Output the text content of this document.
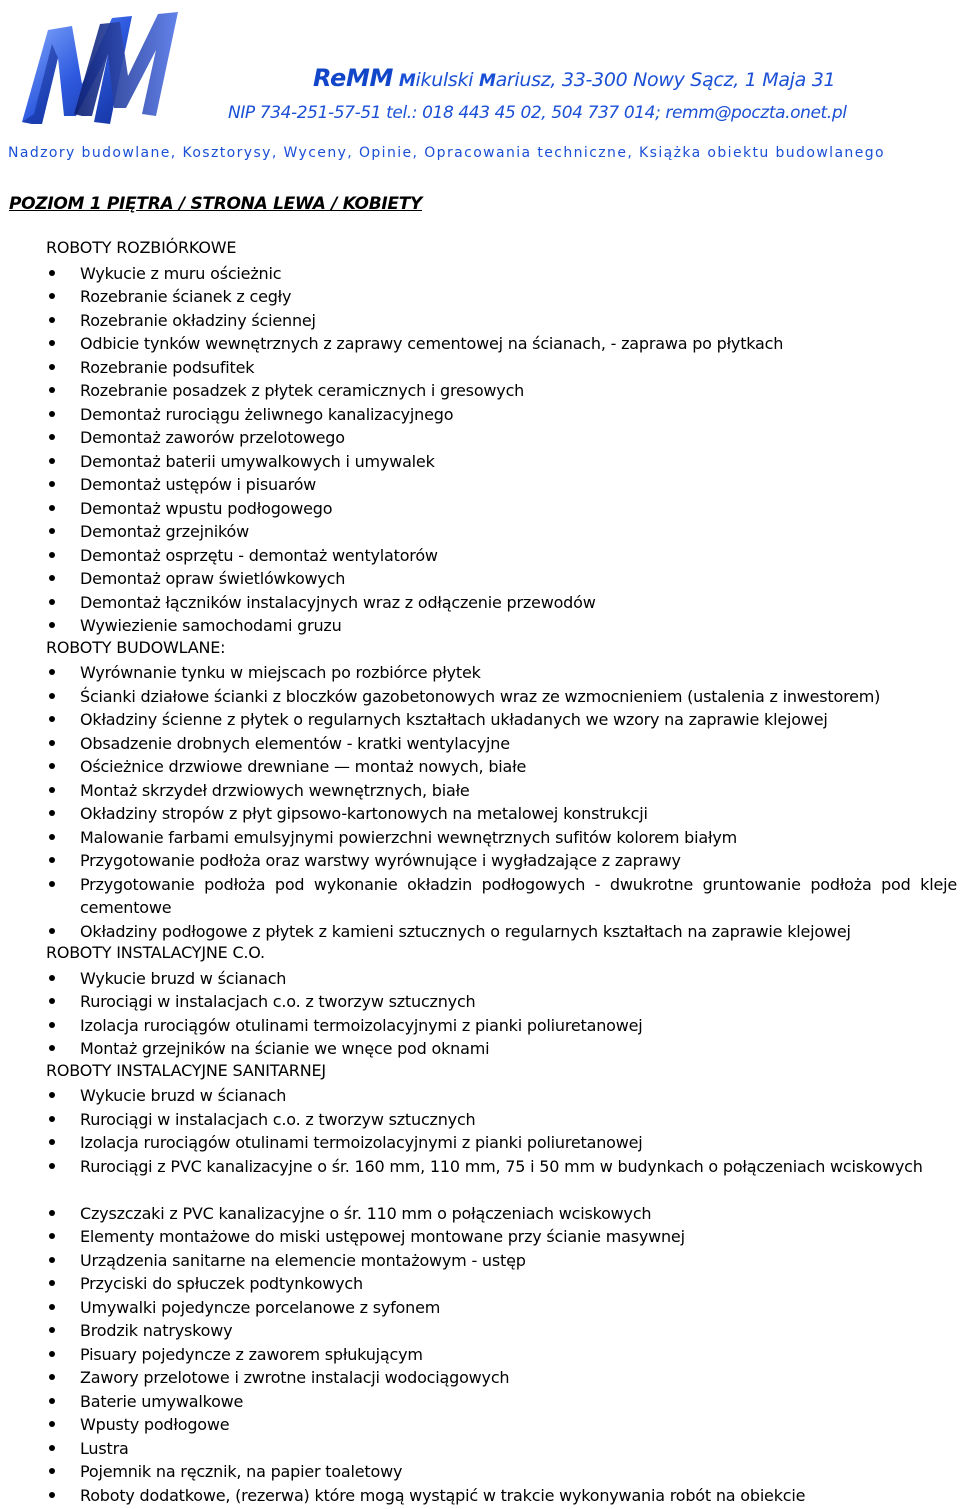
ReMM Mikulski Mariusz, 33-300 Nowy Sącz, 1 Maja 31
NIP 734-251-57-51 tel.: 018 443 45 02, 504 737 014; remm@poczta.onet.pl
Nadzory budowlane, Kosztorysy, Wyceny, Opinie, Opracowania techniczne, Książka obiektu budowlanego
POZIOM 1 PIĘTRA / STRONA LEWA / KOBIETY
ROBOTY ROZBIÓRKOWE
Wykucie z muru ościeżnic
Rozebranie ścianek z cegły
Rozebranie okładziny ściennej
Odbicie tynków wewnętrznych z zaprawy cementowej na ścianach, - zaprawa po płytkach
Rozebranie podsufitek
Rozebranie posadzek z płytek ceramicznych i gresowych
Demontaż rurociągu żeliwnego kanalizacyjnego
Demontaż zaworów przelotowego
Demontaż baterii umywalkowych i umywalek
Demontaż ustępów i pisuarów
Demontaż wpustu podłogowego
Demontaż grzejników
Demontaż osprzętu - demontaż wentylatorów
Demontaż opraw świetlówkowych
Demontaż łączników instalacyjnych wraz z odłączenie przewodów
Wywiezienie samochodami gruzu
ROBOTY BUDOWLANE:
Wyrównanie tynku w miejscach po rozbiórce płytek
Ścianki działowe ścianki z bloczków gazobetonowych wraz ze wzmocnieniem (ustalenia z inwestorem)
Okładziny ścienne z płytek o regularnych kształtach układanych we wzory na zaprawie klejowej
Obsadzenie drobnych elementów - kratki wentylacyjne
Ościeżnice drzwiowe drewniane — montaż nowych, białe
Montaż skrzydeł drzwiowych wewnętrznych, białe
Okładziny stropów z płyt gipsowo-kartonowych na metalowej konstrukcji
Malowanie farbami emulsyjnymi powierzchni wewnętrznych sufitów kolorem białym
Przygotowanie podłoża oraz warstwy wyrównujące i wygładzające z zaprawy
Przygotowanie podłoża pod wykonanie okładzin podłogowych - dwukrotne gruntowanie podłoża pod kleje cementowe
Okładziny podłogowe z płytek z kamieni sztucznych o regularnych kształtach na zaprawie klejowej
ROBOTY INSTALACYJNE C.O.
Wykucie bruzd w ścianach
Rurociągi w instalacjach c.o. z tworzyw sztucznych
Izolacja rurociągów otulinami termoizolacyjnymi z pianki poliuretanowej
Montaż grzejników na ścianie we wnęce pod oknami
ROBOTY INSTALACYJNE SANITARNEJ
Wykucie bruzd w ścianach
Rurociągi w instalacjach c.o. z tworzyw sztucznych
Izolacja rurociągów otulinami termoizolacyjnymi z pianki poliuretanowej
Rurociągi z PVC kanalizacyjne o śr. 160 mm, 110 mm, 75 i 50 mm w budynkach o połączeniach wciskowych
Czyszczaki z PVC kanalizacyjne o śr. 110 mm o połączeniach wciskowych
Elementy montażowe do miski ustępowej montowane przy ścianie masywnej
Urządzenia sanitarne na elemencie montażowym - ustęp
Przyciski do spłuczek podtynkowych
Umywalki pojedyncze porcelanowe z syfonem
Brodzik natryskowy
Pisuary pojedyncze z zaworem spłukującym
Zawory przelotowe i zwrotne instalacji wodociągowych
Baterie umywalkowe
Wpusty podłogowe
Lustra
Pojemnik na ręcznik, na papier toaletowy
Roboty dodatkowe, (rezerwa) które mogą wystąpić w trakcie wykonywania robót na obiekcie
